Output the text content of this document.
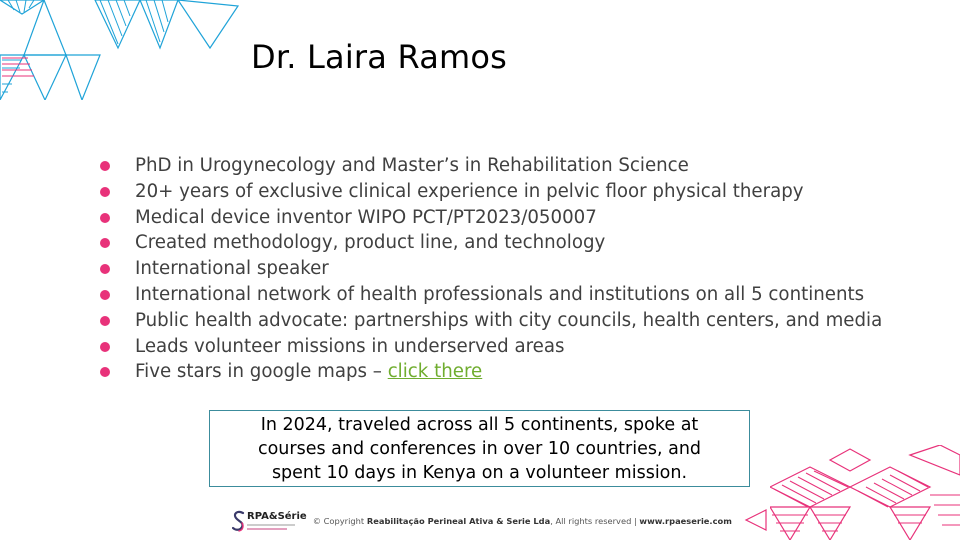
Dr. Laira Ramos
PhD in Urogynecology and Master’s in Rehabilitation Science
20+ years of exclusive clinical experience in pelvic floor physical therapy
Medical device inventor WIPO PCT/PT2023/050007
Created methodology, product line, and technology
International speaker
International network of health professionals and institutions on all 5 continents
Public health advocate: partnerships with city councils, health centers, and media
Leads volunteer missions in underserved areas
Five stars in google maps – click there
In 2024, traveled across all 5 continents, spoke at
courses and conferences in over 10 countries, and
spent 10 days in Kenya on a volunteer mission.
RPA&Série © Copyright Reabilitação Perineal Ativa & Serie Lda, All rights reserved | www.rpaeserie.com
